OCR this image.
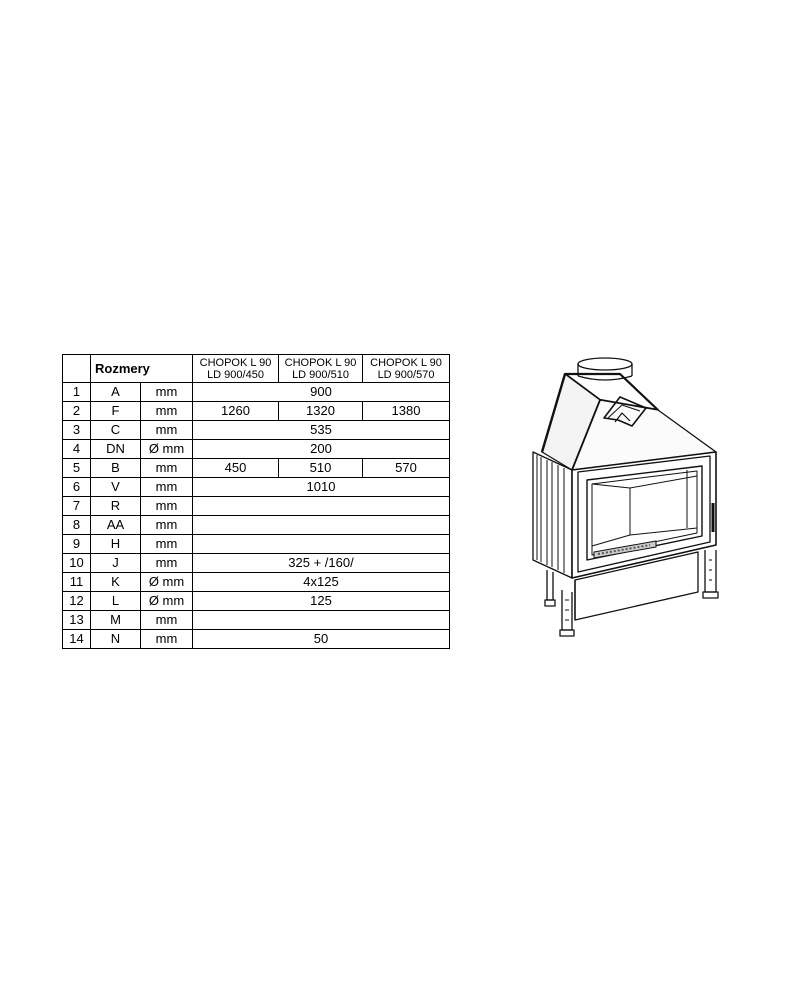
	Rozmery		CHOPOK L 90
LD 900/450	CHOPOK L 90
LD 900/510	CHOPOK L 90
LD 900/570

1	A	mm	900		
2	F	mm	1260	1320	1380
3	C	mm	535		
4	DN	Ø mm	200		
5	B	mm	450	510	570
6	V	mm	1010		
7	R	mm			
8	AA	mm			
9	H	mm			
10	J	mm	325 + /160/		
11	K	Ø mm	4x125		
12	L	Ø mm	125		
13	M	mm			
14	N	mm	50		
